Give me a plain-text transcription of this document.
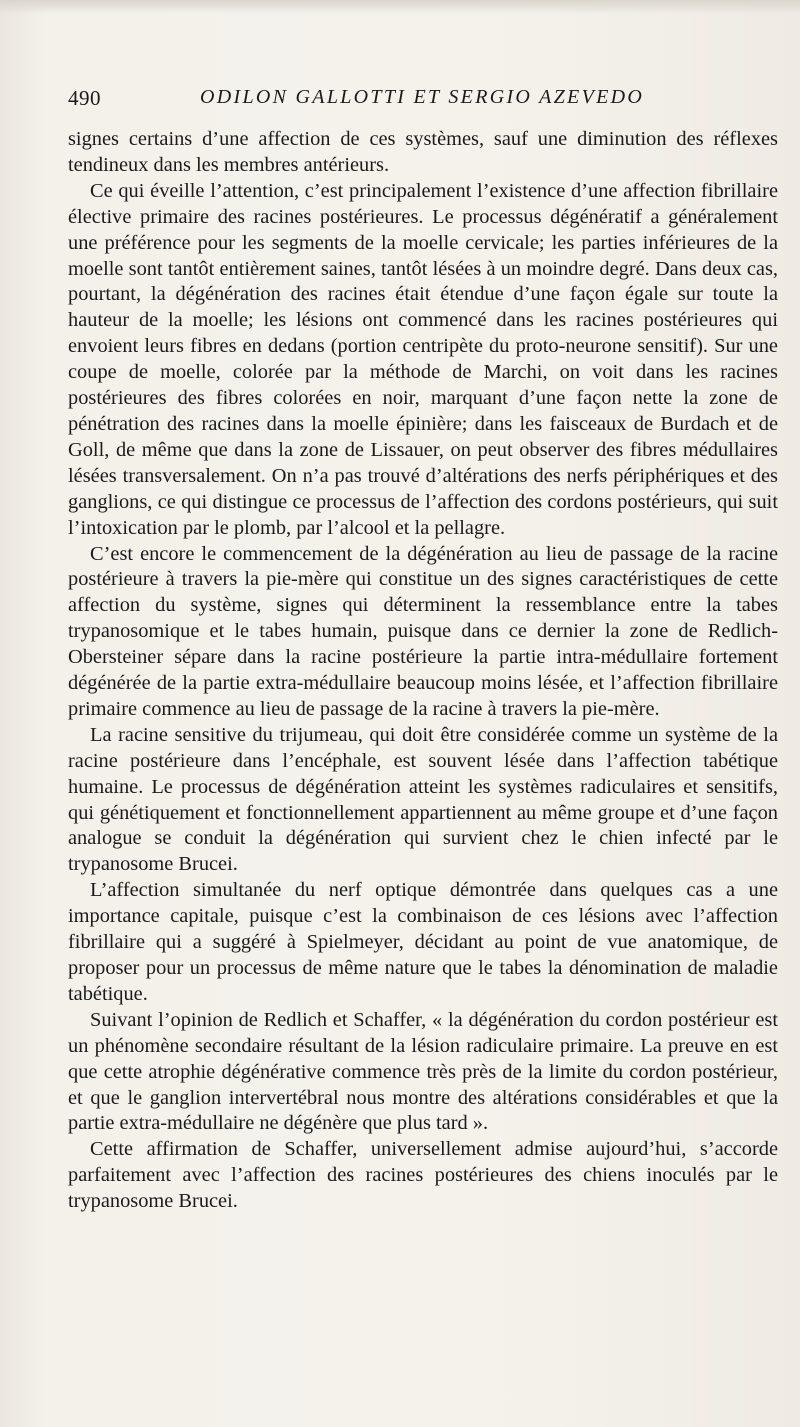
490	ODILON GALLOTTI ET SERGIO AZEVEDO

signes certains d’une affection de ces systèmes, sauf une diminution des réflexes tendineux dans les membres antérieurs.

Ce qui éveille l’attention, c’est principalement l’existence d’une affection fibrillaire élective primaire des racines postérieures. Le processus dégénératif a généralement une préférence pour les segments de la moelle cervicale; les parties inférieures de la moelle sont tantôt entièrement saines, tantôt lésées à un moindre degré. Dans deux cas, pourtant, la dégénération des racines était étendue d’une façon égale sur toute la hauteur de la moelle; les lésions ont commencé dans les racines postérieures qui envoient leurs fibres en dedans (portion centripète du proto-neurone sensitif). Sur une coupe de moelle, colorée par la méthode de Marchi, on voit dans les racines postérieures des fibres colorées en noir, marquant d’une façon nette la zone de pénétration des racines dans la moelle épinière; dans les faisceaux de Burdach et de Goll, de même que dans la zone de Lissauer, on peut observer des fibres médullaires lésées transversalement. On n’a pas trouvé d’altérations des nerfs périphériques et des ganglions, ce qui distingue ce processus de l’affection des cordons postérieurs, qui suit l’intoxication par le plomb, par l’alcool et la pellagre.

C’est encore le commencement de la dégénération au lieu de passage de la racine postérieure à travers la pie-mère qui constitue un des signes caractéristiques de cette affection du système, signes qui déterminent la ressemblance entre la tabes trypanosomique et le tabes humain, puisque dans ce dernier la zone de Redlich-Obersteiner sépare dans la racine postérieure la partie intra-médullaire fortement dégénérée de la partie extra-médullaire beaucoup moins lésée, et l’affection fibrillaire primaire commence au lieu de passage de la racine à travers la pie-mère.

La racine sensitive du trijumeau, qui doit être considérée comme un système de la racine postérieure dans l’encéphale, est souvent lésée dans l’affection tabétique humaine. Le processus de dégénération atteint les systèmes radiculaires et sensitifs, qui génétiquement et fonctionnellement appartiennent au même groupe et d’une façon analogue se conduit la dégénération qui survient chez le chien infecté par le trypanosome Brucei.

L’affection simultanée du nerf optique démontrée dans quelques cas a une importance capitale, puisque c’est la combinaison de ces lésions avec l’affection fibrillaire qui a suggéré à Spielmeyer, décidant au point de vue anatomique, de proposer pour un processus de même nature que le tabes la dénomination de maladie tabétique.

Suivant l’opinion de Redlich et Schaffer, « la dégénération du cordon postérieur est un phénomène secondaire résultant de la lésion radiculaire primaire. La preuve en est que cette atrophie dégénérative commence très près de la limite du cordon postérieur, et que le ganglion intervertébral nous montre des altérations considérables et que la partie extra-médullaire ne dégénère que plus tard ».

Cette affirmation de Schaffer, universellement admise aujourd’hui, s’accorde parfaitement avec l’affection des racines postérieures des chiens inoculés par le trypanosome Brucei.
